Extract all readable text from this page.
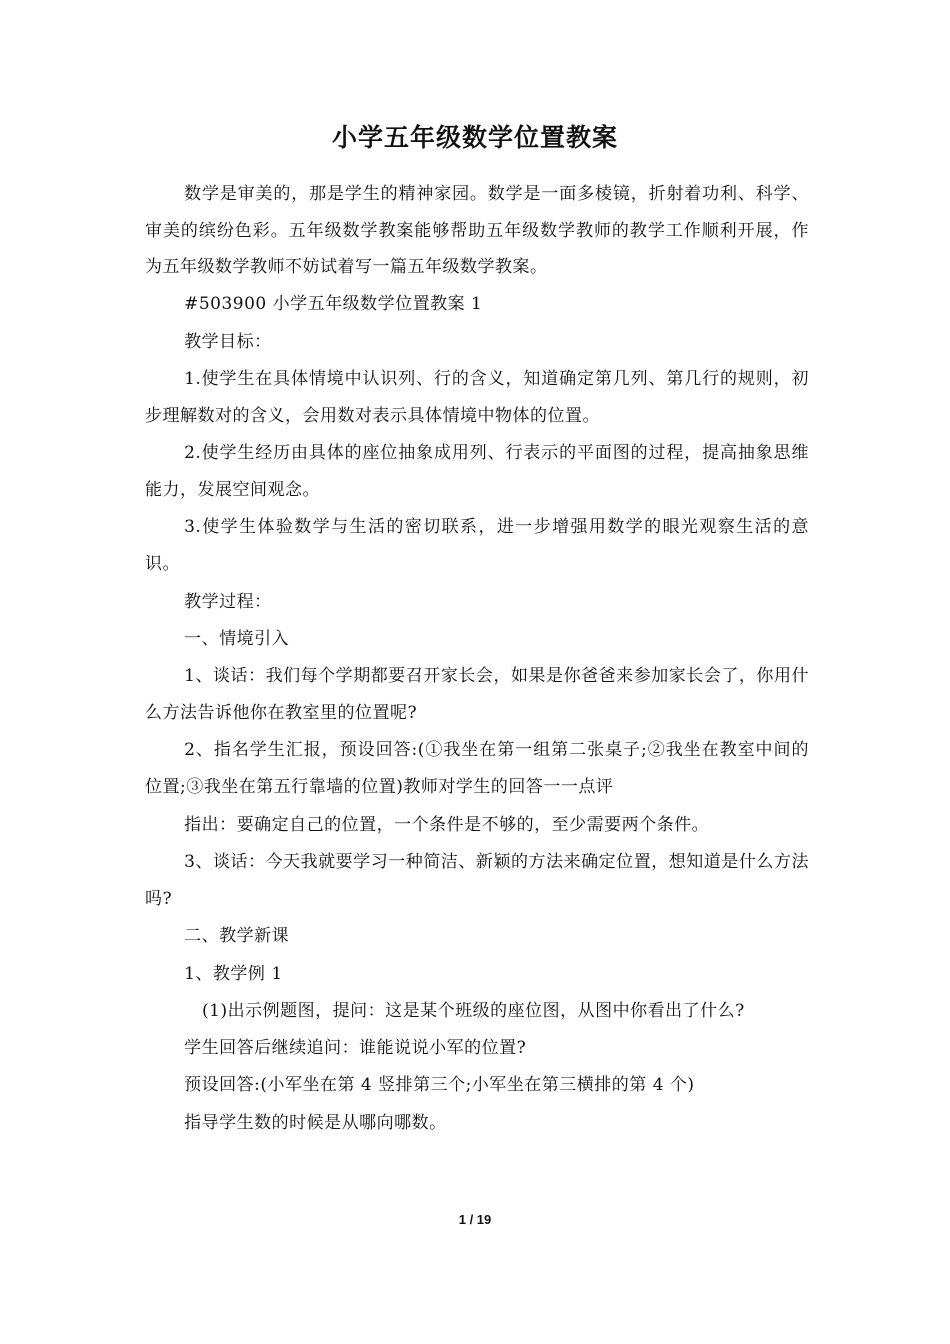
小学五年级数学位置教案

数学是审美的，那是学生的精神家园。数学是一面多棱镜，折射着功利、科学、审美的缤纷色彩。五年级数学教案能够帮助五年级数学教师的教学工作顺利开展，作为五年级数学教师不妨试着写一篇五年级数学教案。

#503900 小学五年级数学位置教案 1

教学目标：

1.使学生在具体情境中认识列、行的含义，知道确定第几列、第几行的规则，初步理解数对的含义，会用数对表示具体情境中物体的位置。

2.使学生经历由具体的座位抽象成用列、行表示的平面图的过程，提高抽象思维能力，发展空间观念。

3.使学生体验数学与生活的密切联系，进一步增强用数学的眼光观察生活的意识。

教学过程：

一、情境引入

1、谈话：我们每个学期都要召开家长会，如果是你爸爸来参加家长会了，你用什么方法告诉他你在教室里的位置呢?

2、指名学生汇报，预设回答:(①我坐在第一组第二张桌子;②我坐在教室中间的位置;③我坐在第五行靠墙的位置)教师对学生的回答一一点评

指出：要确定自己的位置，一个条件是不够的，至少需要两个条件。

3、谈话：今天我就要学习一种简洁、新颖的方法来确定位置，想知道是什么方法吗?

二、教学新课

1、教学例 1

(1)出示例题图，提问：这是某个班级的座位图，从图中你看出了什么?

学生回答后继续追问：谁能说说小军的位置?

预设回答:(小军坐在第 4 竖排第三个;小军坐在第三横排的第 4 个)

指导学生数的时候是从哪向哪数。

1 / 19
